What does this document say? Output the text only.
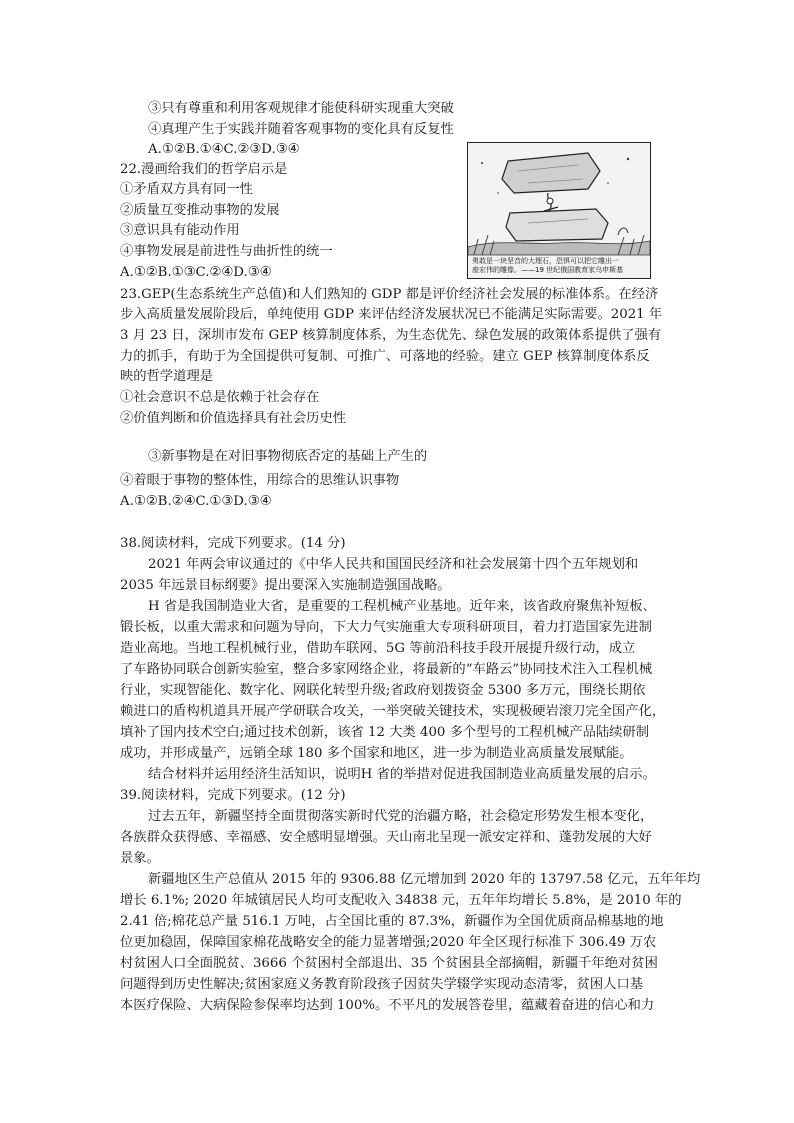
③只有尊重和利用客观规律才能使科研实现重大突破
④真理产生于实践并随着客观事物的变化具有反复性
A.①②B.①④C.②③D.③④
22.漫画给我们的哲学启示是
①矛盾双方具有同一性
②质量互变推动事物的发展
③意识具有能动作用
④事物发展是前进性与曲折性的统一
A.①②B.①③C.②④D.③④
勇敢是一块坚音的大理石，恐惧可以把它雕出一
座宏伟的雕像。——19 世纪俄国教育家乌申斯基
23.GEP(生态系统生产总值)和人们熟知的 GDP 都是评价经济社会发展的标准体系。在经济
步入高质量发展阶段后，单纯使用 GDP 来评估经济发展状况已不能满足实际需要。2021 年
3 月 23 日，深圳市发布 GEP 核算制度体系，为生态优先、绿色发展的政策体系提供了强有
力的抓手，有助于为全国提供可复制、可推广、可落地的经验。建立 GEP 核算制度体系反
映的哲学道理是
①社会意识不总是依赖于社会存在
②价值判断和价值选择具有社会历史性
③新事物是在对旧事物彻底否定的基础上产生的
④着眼于事物的整体性，用综合的思维认识事物
A.①②B.②④C.①③D.③④
38.阅读材料，完成下列要求。(14 分)
2021 年两会审议通过的《中华人民共和国国民经济和社会发展第十四个五年规划和
2035 年远景目标纲要》提出要深入实施制造强国战略。
H 省是我国制造业大省，是重要的工程机械产业基地。近年来，该省政府聚焦补短板、
锻长板，以重大需求和问题为导向，下大力气实施重大专项科研项目，着力打造国家先进制
造业高地。当地工程机械行业，借助车联网、5G 等前沿科技手段开展提升级行动，成立
了车路协同联合创新实验室，整合多家网络企业，将最新的“车路云”协同技术注入工程机械
行业，实现智能化、数字化、网联化转型升级;省政府划拨资金 5300 多万元，围绕长期依
赖进口的盾构机道具开展产学研联合攻关，一举突破关键技术，实现极硬岩滚刀完全国产化，
填补了国内技术空白;通过技术创新，该省 12 大类 400 多个型号的工程机械产品陆续研制
成功，并形成量产，远销全球 180 多个国家和地区，进一步为制造业高质量发展赋能。
结合材料并运用经济生活知识，说明H 省的举措对促进我国制造业高质量发展的启示。
39.阅读材料，完成下列要求。(12 分)
过去五年，新疆坚持全面贯彻落实新时代党的治疆方略，社会稳定形势发生根本变化，
各族群众获得感、幸福感、安全感明显增强。天山南北呈现一派安定祥和、蓬勃发展的大好
景象。
新疆地区生产总值从 2015 年的 9306.88 亿元增加到 2020 年的 13797.58 亿元，五年年均
增长 6.1%; 2020 年城镇居民人均可支配收入 34838 元，五年年均增长 5.8%，是 2010 年的
2.41 倍;棉花总产量 516.1 万吨，占全国比重的 87.3%，新疆作为全国优质商品棉基地的地
位更加稳固，保障国家棉花战略安全的能力显著增强;2020 年全区现行标准下 306.49 万农
村贫困人口全面脱贫、3666 个贫困村全部退出、35 个贫困县全部摘帽，新疆千年绝对贫困
问题得到历史性解决;贫困家庭义务教育阶段孩子因贫失学辍学实现动态清零，贫困人口基
本医疗保险、大病保险参保率均达到 100%。不平凡的发展答卷里，蕴藏着奋进的信心和力
